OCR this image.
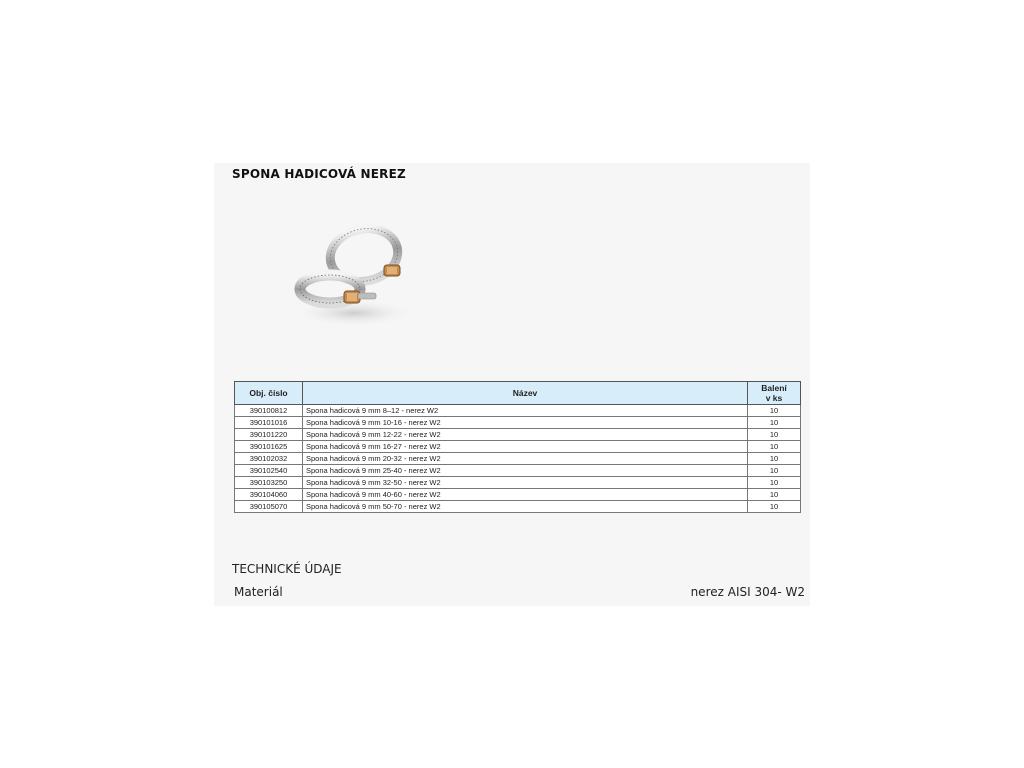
SPONA HADICOVÁ NEREZ
Obj. číslo	Název	Balení
v ks
390100812	Spona hadicová 9 mm 8–12 - nerez W2	10
390101016	Spona hadicová 9 mm 10-16 - nerez W2	10
390101220	Spona hadicová 9 mm 12-22 - nerez W2	10
390101625	Spona hadicová 9 mm 16-27 - nerez W2	10
390102032	Spona hadicová 9 mm 20-32 - nerez W2	10
390102540	Spona hadicová 9 mm 25-40 - nerez W2	10
390103250	Spona hadicová 9 mm 32-50 - nerez W2	10
390104060	Spona hadicová 9 mm 40-60 - nerez W2	10
390105070	Spona hadicová 9 mm 50-70 - nerez W2	10
TECHNICKÉ ÚDAJE
Materiál	nerez AISI 304- W2
